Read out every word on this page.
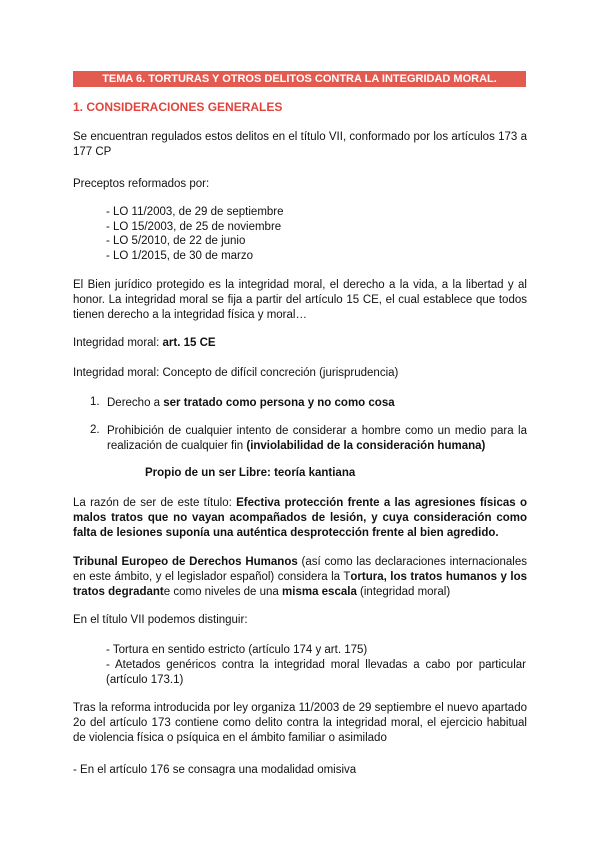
TEMA 6. TORTURAS Y OTROS DELITOS CONTRA LA INTEGRIDAD MORAL.
1. CONSIDERACIONES GENERALES
Se encuentran regulados estos delitos en el título VII, conformado por los artículos 173 a 177 CP
Preceptos reformados por:
- LO 11/2003, de 29 de septiembre
- LO 15/2003, de 25 de noviembre
- LO 5/2010, de 22 de junio
- LO 1/2015, de 30 de marzo
El Bien jurídico protegido es la integridad moral, el derecho a la vida, a la libertad y al honor. La integridad moral se fija a partir del artículo 15 CE, el cual establece que todos tienen derecho a la integridad física y moral…
Integridad moral: art. 15 CE
Integridad moral: Concepto de difícil concreción (jurisprudencia)
1. Derecho a ser tratado como persona y no como cosa
2. Prohibición de cualquier intento de considerar a hombre como un medio para la realización de cualquier fin (inviolabilidad de la consideración humana)
Propio de un ser Libre: teoría kantiana
La razón de ser de este título: Efectiva protección frente a las agresiones físicas o malos tratos que no vayan acompañados de lesión, y cuya consideración como falta de lesiones suponía una auténtica desprotección frente al bien agredido.
Tribunal Europeo de Derechos Humanos (así como las declaraciones internacionales en este ámbito, y el legislador español) considera la Tortura, los tratos humanos y los tratos degradante como niveles de una misma escala (integridad moral)
En el título VII podemos distinguir:
- Tortura en sentido estricto (artículo 174 y art. 175)
- Atetados genéricos contra la integridad moral llevadas a cabo por particular (artículo 173.1)
Tras la reforma introducida por ley organiza 11/2003 de 29 septiembre el nuevo apartado 2o del artículo 173 contiene como delito contra la integridad moral, el ejercicio habitual de violencia física o psíquica en el ámbito familiar o asimilado
- En el artículo 176 se consagra una modalidad omisiva
